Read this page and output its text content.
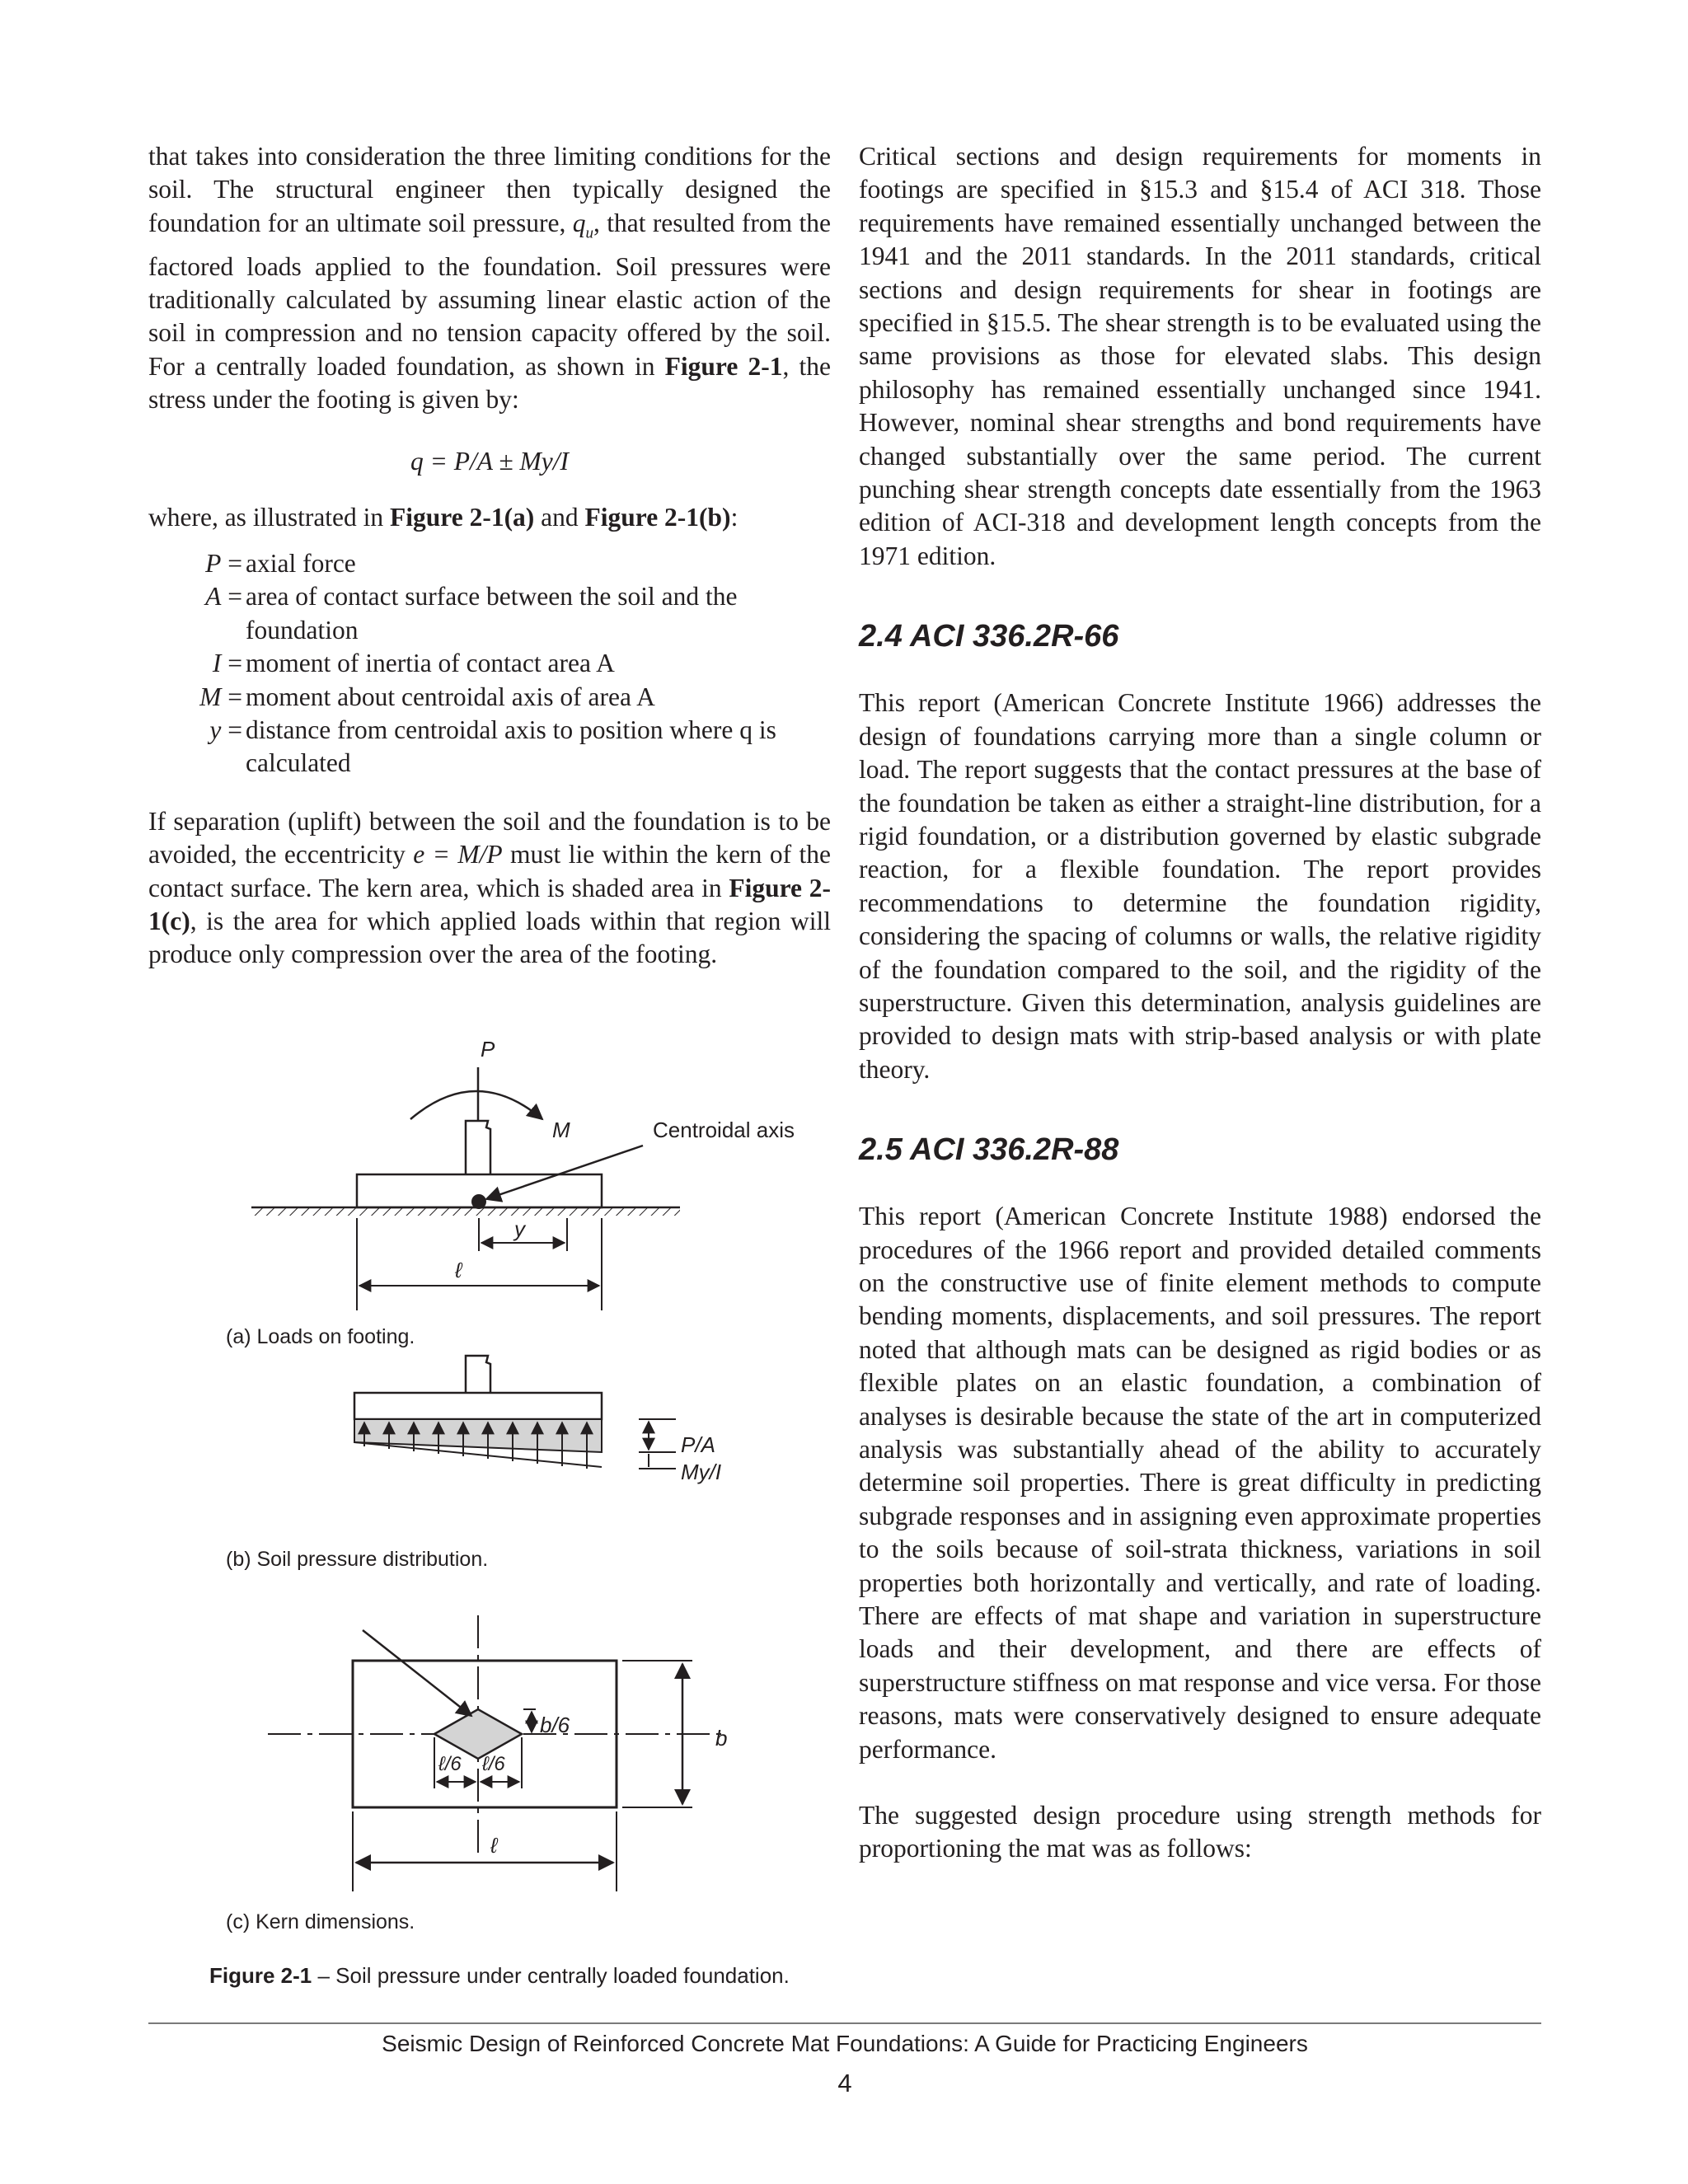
that takes into consideration the three limiting conditions for the soil. The structural engineer then typically designed the foundation for an ultimate soil pressure, $q_u$, that resulted from the factored loads applied to the foundation. Soil pressures were traditionally calculated by assuming linear elastic action of the soil in compression and no tension capacity offered by the soil. For a centrally loaded foundation, as shown in Figure 2-1, the stress under the footing is given by:

q = P/A ± My/I

where, as illustrated in Figure 2-1(a) and Figure 2-1(b):

P = axial force
A = area of contact surface between the soil and the foundation
I = moment of inertia of contact area A
M = moment about centroidal axis of area A
y = distance from centroidal axis to position where q is calculated

If separation (uplift) between the soil and the foundation is to be avoided, the eccentricity e = M/P must lie within the kern of the contact surface. The kern area, which is shaded area in Figure 2-1(c), is the area for which applied loads within that region will produce only compression over the area of the footing.

P
M	Centroidal axis
y
ℓ
P/A
My/I
b/6
ℓ/6 ℓ/6
b
ℓ
(a) Loads on footing.
(b) Soil pressure distribution.
(c) Kern dimensions.
Figure 2-1 – Soil pressure under centrally loaded foundation.

Critical sections and design requirements for moments in footings are specified in §15.3 and §15.4 of ACI 318. Those requirements have remained essentially unchanged between the 1941 and the 2011 standards. In the 2011 standards, critical sections and design requirements for shear in footings are specified in §15.5. The shear strength is to be evaluated using the same provisions as those for elevated slabs. This design philosophy has remained essentially unchanged since 1941. However, nominal shear strengths and bond requirements have changed substantially over the same period. The current punching shear strength concepts date essentially from the 1963 edition of ACI-318 and development length concepts from the 1971 edition.

2.4 ACI 336.2R-66

This report (American Concrete Institute 1966) addresses the design of foundations carrying more than a single column or load. The report suggests that the contact pressures at the base of the foundation be taken as either a straight-line distribution, for a rigid foundation, or a distribution governed by elastic subgrade reaction, for a flexible foundation. The report provides recommendations to determine the foundation rigidity, considering the spacing of columns or walls, the relative rigidity of the foundation compared to the soil, and the rigidity of the superstructure. Given this determination, analysis guidelines are provided to design mats with strip-based analysis or with plate theory.

2.5 ACI 336.2R-88

This report (American Concrete Institute 1988) endorsed the procedures of the 1966 report and provided detailed comments on the constructive use of finite element methods to compute bending moments, displacements, and soil pressures. The report noted that although mats can be designed as rigid bodies or as flexible plates on an elastic foundation, a combination of analyses is desirable because the state of the art in computerized analysis was substantially ahead of the ability to accurately determine soil properties. There is great difficulty in predicting subgrade responses and in assigning even approximate properties to the soils because of soil-strata thickness, variations in soil properties both horizontally and vertically, and rate of loading. There are effects of mat shape and variation in superstructure loads and their development, and there are effects of superstructure stiffness on mat response and vice versa. For those reasons, mats were conservatively designed to ensure adequate performance.

The suggested design procedure using strength methods for proportioning the mat was as follows:

Seismic Design of Reinforced Concrete Mat Foundations: A Guide for Practicing Engineers
4
